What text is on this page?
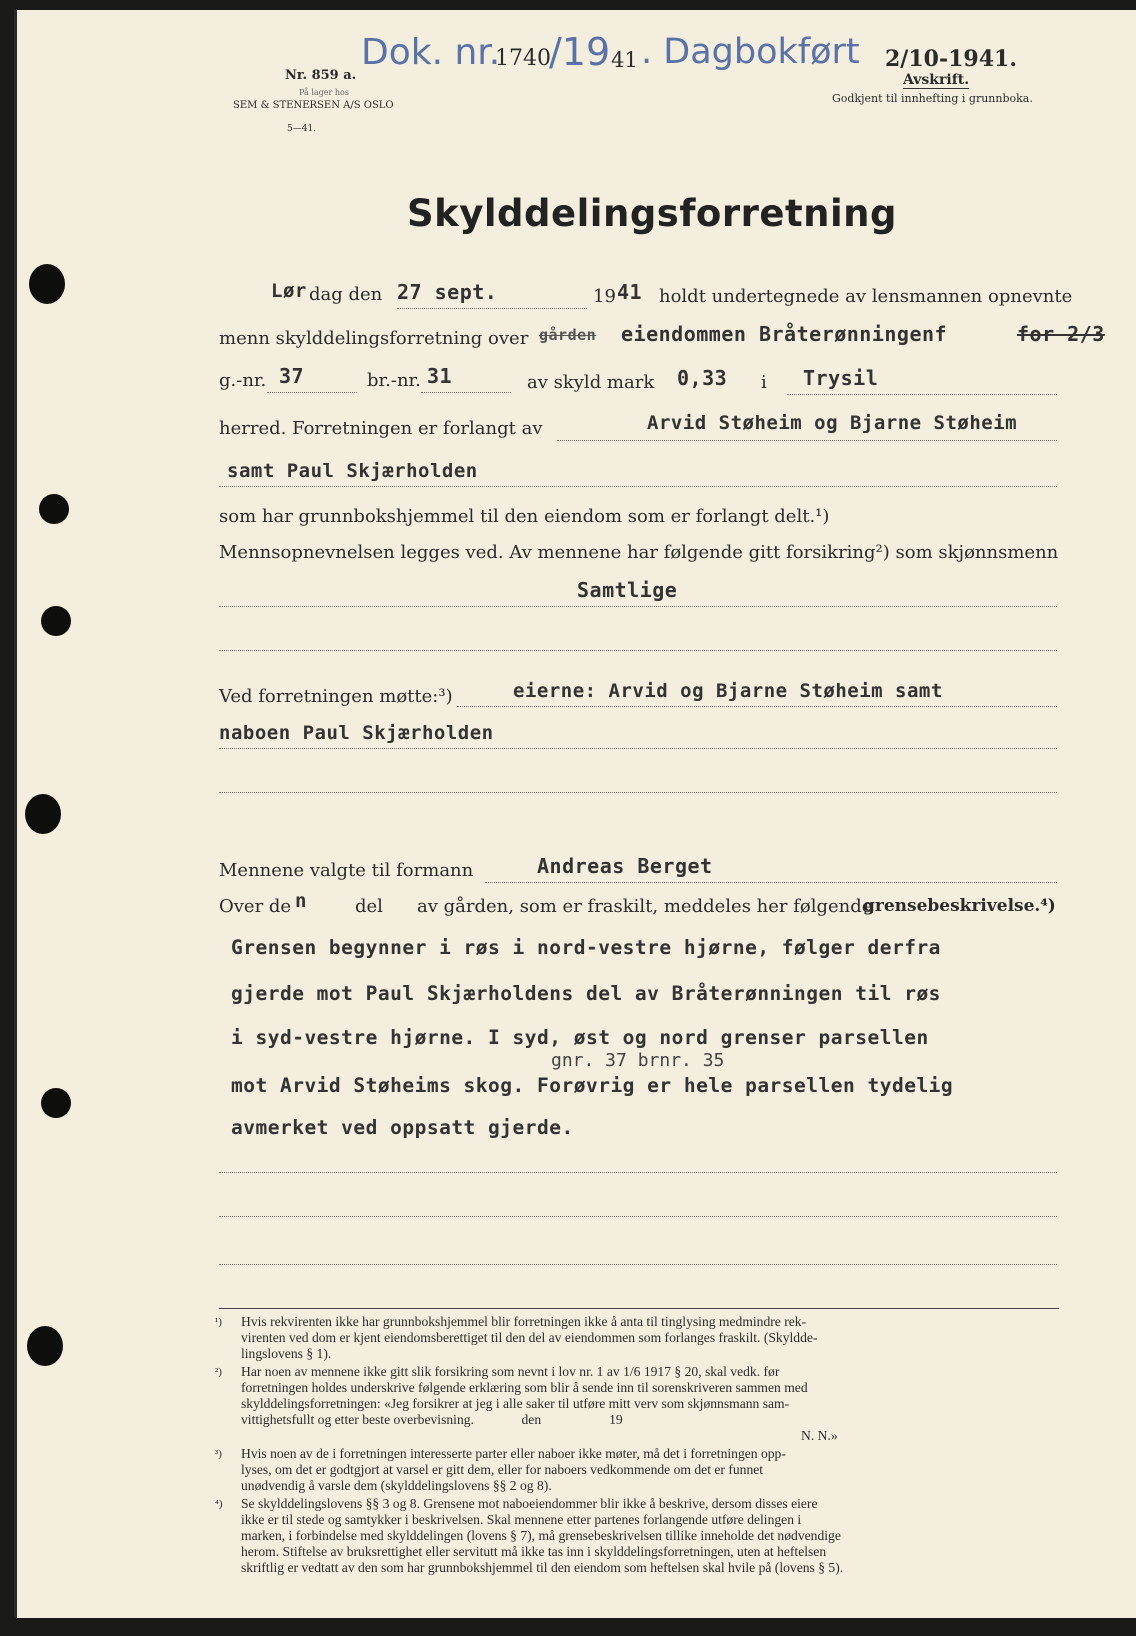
Nr. 859 a.
På lager hos
SEM & STENERSEN A/S OSLO
5—41.
Dok. nr.
1740
/19 41 . Dagbokført 2/10-1941.
Avskrift.
Godkjent til innhefting i grunnboka.
Skylddelingsforretning
Lør dag den 27 sept.	19 41 holdt undertegnede av lensmannen opnevnte
menn skylddelingsforretning over gården eiendommen Bråterønningenf	for 2/3
g.-nr. 37	br.-nr. 31	av skyld mark 0,33 i Trysil
herred. Forretningen er forlangt av	Arvid Støheim og Bjarne Støheim
samt Paul Skjærholden
som har grunnbokshjemmel til den eiendom som er forlangt delt.¹)
Mennsopnevnelsen legges ved. Av mennene har følgende gitt forsikring²) som skjønnsmenn
Samtlige
Ved forretningen møtte:³)	eierne: Arvid og Bjarne Støheim samt
naboen Paul Skjærholden
Mennene valgte til formann	Andreas Berget
Over de n	del av gården, som er fraskilt, meddeles her følgende
grensebeskrivelse.⁴)
Grensen begynner i røs i nord-vestre hjørne, følger derfra
gjerde mot Paul Skjærholdens del av Bråterønningen til røs
i syd-vestre hjørne. I syd, øst og nord grenser parsellen
gnr. 37 brnr. 35
mot Arvid Støheims skog. Forøvrig er hele parsellen tydelig
avmerket ved oppsatt gjerde.
¹) Hvis rekvirenten ikke har grunnbokshjemmel blir forretningen ikke å anta til tinglysing medmindre rek-
virenten ved dom er kjent eiendomsberettiget til den del av eiendommen som forlanges fraskilt. (Skyldde-
lingslovens § 1).
²) Har noen av mennene ikke gitt slik forsikring som nevnt i lov nr. 1 av 1/6 1917 § 20, skal vedk. før
forretningen holdes underskrive følgende erklæring som blir å sende inn til sorenskriveren sammen med
skylddelingsforretningen: «Jeg forsikrer at jeg i alle saker til utføre mitt verv som skjønnsmann sam-
vittighetsfullt og etter beste overbevisning.              den                    19
N. N.»
³) Hvis noen av de i forretningen interesserte parter eller naboer ikke møter, må det i forretningen opp-
lyses, om det er godtgjort at varsel er gitt dem, eller for naboers vedkommende om det er funnet
unødvendig å varsle dem (skylddelingslovens §§ 2 og 8).
⁴) Se skylddelingslovens §§ 3 og 8. Grensene mot naboeiendommer blir ikke å beskrive, dersom disses eiere
ikke er til stede og samtykker i beskrivelsen. Skal mennene etter partenes forlangende utføre delingen i
marken, i forbindelse med skylddelingen (lovens § 7), må grensebeskrivelsen tillike inneholde det nødvendige
herom. Stiftelse av bruksrettighet eller servitutt må ikke tas inn i skylddelingsforretningen, uten at heftelsen
skriftlig er vedtatt av den som har grunnbokshjemmel til den eiendom som heftelsen skal hvile på (lovens § 5).
